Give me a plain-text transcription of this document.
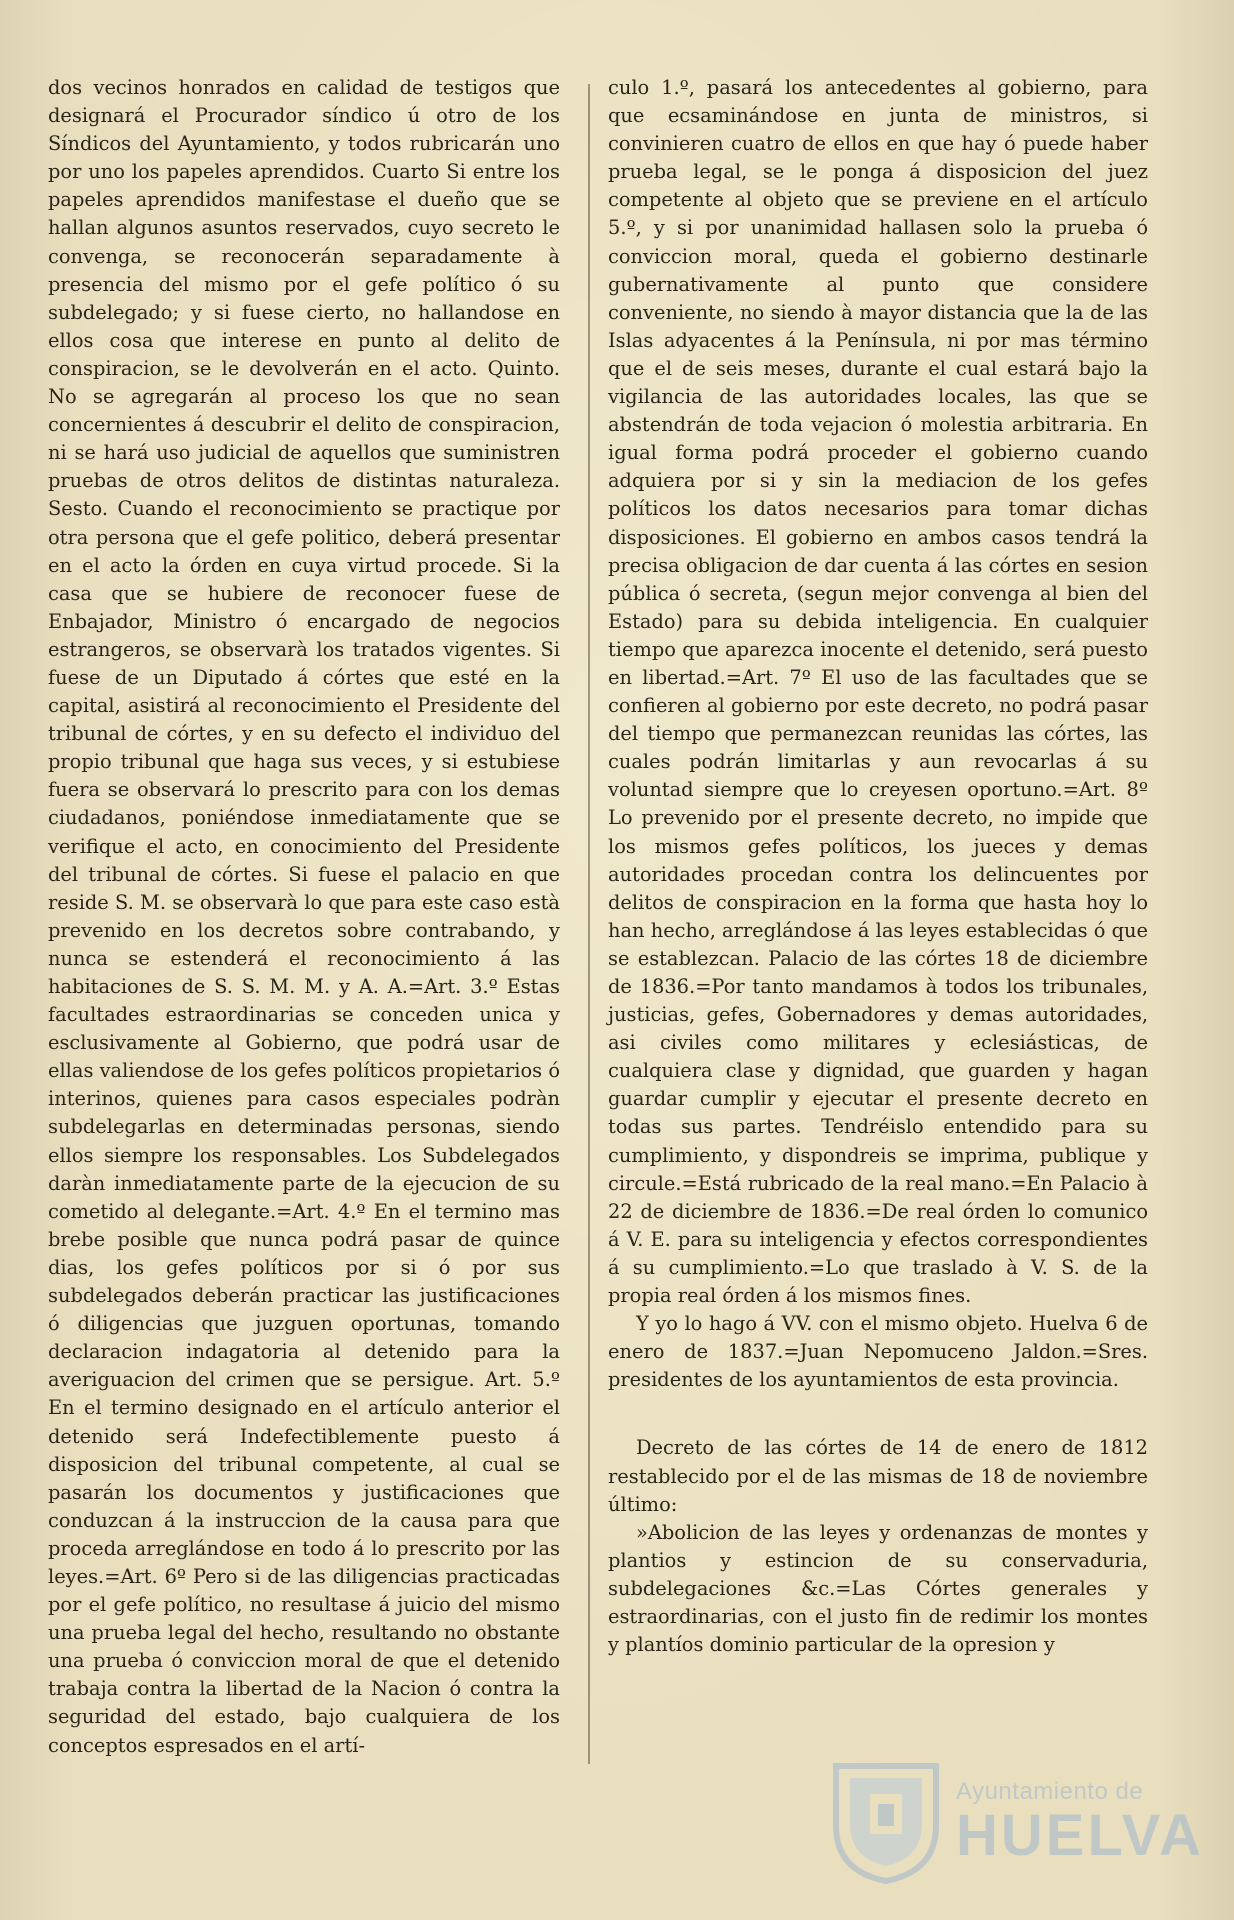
dos vecinos honrados en calidad de testigos que designará el Procurador síndico ú otro de los Síndicos del Ayuntamiento, y todos rubricarán uno por uno los papeles aprendidos. Cuarto Si entre los papeles aprendidos manifestase el dueño que se hallan algunos asuntos reservados, cuyo secreto le convenga, se reconocerán separadamente à presencia del mismo por el gefe político ó su subdelegado; y si fuese cierto, no hallandose en ellos cosa que interese en punto al delito de conspiracion, se le devolverán en el acto. Quinto. No se agregarán al proceso los que no sean concernientes á descubrir el delito de conspiracion, ni se hará uso judicial de aquellos que suministren pruebas de otros delitos de distintas naturaleza. Sesto. Cuando el reconocimiento se practique por otra persona que el gefe politico, deberá presentar en el acto la órden en cuya virtud procede. Si la casa que se hubiere de reconocer fuese de Enbajador, Ministro ó encargado de negocios estrangeros, se observarà los tratados vigentes. Si fuese de un Diputado á córtes que esté en la capital, asistirá al reconocimiento el Presidente del tribunal de córtes, y en su defecto el individuo del propio tribunal que haga sus veces, y si estubiese fuera se observará lo prescrito para con los demas ciudadanos, poniéndose inmediatamente que se verifique el acto, en conocimiento del Presidente del tribunal de córtes. Si fuese el palacio en que reside S. M. se observarà lo que para este caso està prevenido en los decretos sobre contrabando, y nunca se estenderá el reconocimiento á las habitaciones de S. S. M. M. y A. A.=Art. 3.º Estas facultades estraordinarias se conceden unica y esclusivamente al Gobierno, que podrá usar de ellas valiendose de los gefes políticos propietarios ó interinos, quienes para casos especiales podràn subdelegarlas en determinadas personas, siendo ellos siempre los responsables. Los Subdelegados daràn inmediatamente parte de la ejecucion de su cometido al delegante.=Art. 4.º En el termino mas brebe posible que nunca podrá pasar de quince dias, los gefes políticos por si ó por sus subdelegados deberán practicar las justificaciones ó diligencias que juzguen oportunas, tomando declaracion indagatoria al detenido para la averiguacion del crimen que se persigue. Art. 5.º En el termino designado en el artículo anterior el detenido será Indefectiblemente puesto á disposicion del tribunal competente, al cual se pasarán los documentos y justificaciones que conduzcan á la instruccion de la causa para que proceda arreglándose en todo á lo prescrito por las leyes.=Art. 6º Pero si de las diligencias practicadas por el gefe político, no resultase á juicio del mismo una prueba legal del hecho, resultando no obstante una prueba ó conviccion moral de que el detenido trabaja contra la libertad de la Nacion ó contra la seguridad del estado, bajo cualquiera de los conceptos espresados en el artí-

culo 1.º, pasará los antecedentes al gobierno, para que ecsaminándose en junta de ministros, si convinieren cuatro de ellos en que hay ó puede haber prueba legal, se le ponga á disposicion del juez competente al objeto que se previene en el artículo 5.º, y si por unanimidad hallasen solo la prueba ó conviccion moral, queda el gobierno destinarle gubernativamente al punto que considere conveniente, no siendo à mayor distancia que la de las Islas adyacentes á la Península, ni por mas término que el de seis meses, durante el cual estará bajo la vigilancia de las autoridades locales, las que se abstendrán de toda vejacion ó molestia arbitraria. En igual forma podrá proceder el gobierno cuando adquiera por si y sin la mediacion de los gefes políticos los datos necesarios para tomar dichas disposiciones. El gobierno en ambos casos tendrá la precisa obligacion de dar cuenta á las córtes en sesion pública ó secreta, (segun mejor convenga al bien del Estado) para su debida inteligencia. En cualquier tiempo que aparezca inocente el detenido, será puesto en libertad.=Art. 7º El uso de las facultades que se confieren al gobierno por este decreto, no podrá pasar del tiempo que permanezcan reunidas las córtes, las cuales podrán limitarlas y aun revocarlas á su voluntad siempre que lo creyesen oportuno.=Art. 8º Lo prevenido por el presente decreto, no impide que los mismos gefes políticos, los jueces y demas autoridades procedan contra los delincuentes por delitos de conspiracion en la forma que hasta hoy lo han hecho, arreglándose á las leyes establecidas ó que se establezcan. Palacio de las córtes 18 de diciembre de 1836.=Por tanto mandamos à todos los tribunales, justicias, gefes, Gobernadores y demas autoridades, asi civiles como militares y eclesiásticas, de cualquiera clase y dignidad, que guarden y hagan guardar cumplir y ejecutar el presente decreto en todas sus partes. Tendréislo entendido para su cumplimiento, y dispondreis se imprima, publique y circule.=Está rubricado de la real mano.=En Palacio à 22 de diciembre de 1836.=De real órden lo comunico á V. E. para su inteligencia y efectos correspondientes á su cumplimiento.=Lo que traslado à V. S. de la propia real órden á los mismos fines.

Y yo lo hago á VV. con el mismo objeto. Huelva 6 de enero de 1837.=Juan Nepomuceno Jaldon.=Sres. presidentes de los ayuntamientos de esta provincia.

Decreto de las córtes de 14 de enero de 1812 restablecido por el de las mismas de 18 de noviembre último:

»Abolicion de las leyes y ordenanzas de montes y plantios y estincion de su conservaduria, subdelegaciones &c.=Las Córtes generales y estraordinarias, con el justo fin de redimir los montes y plantíos dominio particular de la opresion y

Ayuntamiento de
HUELVA
